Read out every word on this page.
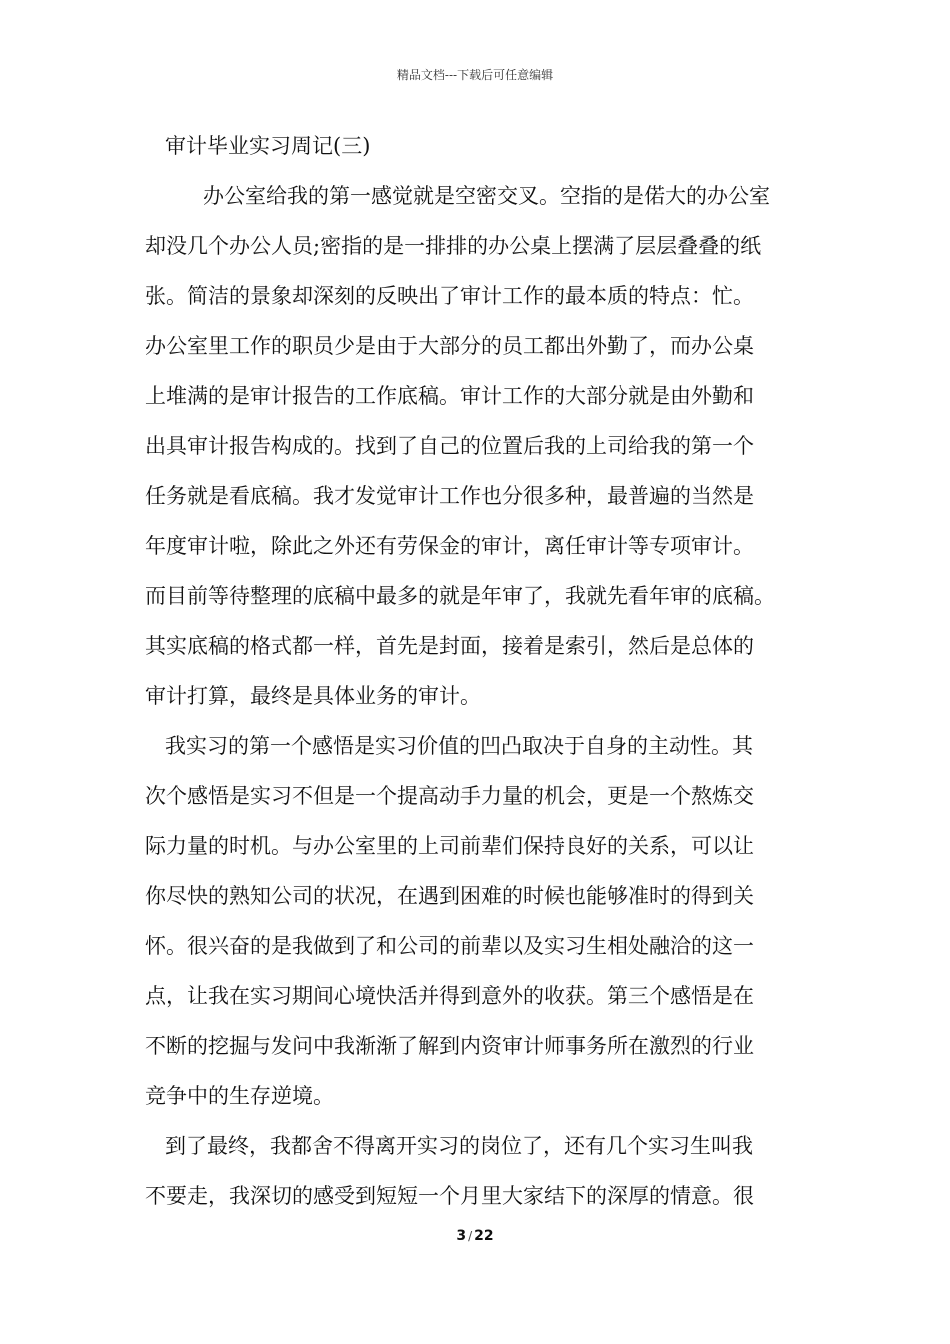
精品文档---下载后可任意编辑
审计毕业实习周记(三)
办公室给我的第一感觉就是空密交叉。空指的是偌大的办公室
却没几个办公人员;密指的是一排排的办公桌上摆满了层层叠叠的纸
张。简洁的景象却深刻的反映出了审计工作的最本质的特点：忙。
办公室里工作的职员少是由于大部分的员工都出外勤了，而办公桌
上堆满的是审计报告的工作底稿。审计工作的大部分就是由外勤和
出具审计报告构成的。找到了自己的位置后我的上司给我的第一个
任务就是看底稿。我才发觉审计工作也分很多种，最普遍的当然是
年度审计啦，除此之外还有劳保金的审计，离任审计等专项审计。
而目前等待整理的底稿中最多的就是年审了，我就先看年审的底稿。
其实底稿的格式都一样，首先是封面，接着是索引，然后是总体的
审计打算，最终是具体业务的审计。
我实习的第一个感悟是实习价值的凹凸取决于自身的主动性。其
次个感悟是实习不但是一个提高动手力量的机会，更是一个熬炼交
际力量的时机。与办公室里的上司前辈们保持良好的关系，可以让
你尽快的熟知公司的状况，在遇到困难的时候也能够准时的得到关
怀。很兴奋的是我做到了和公司的前辈以及实习生相处融洽的这一
点，让我在实习期间心境快活并得到意外的收获。第三个感悟是在
不断的挖掘与发问中我渐渐了解到内资审计师事务所在激烈的行业
竞争中的生存逆境。
到了最终，我都舍不得离开实习的岗位了，还有几个实习生叫我
不要走，我深切的感受到短短一个月里大家结下的深厚的情意。很
3 / 22
